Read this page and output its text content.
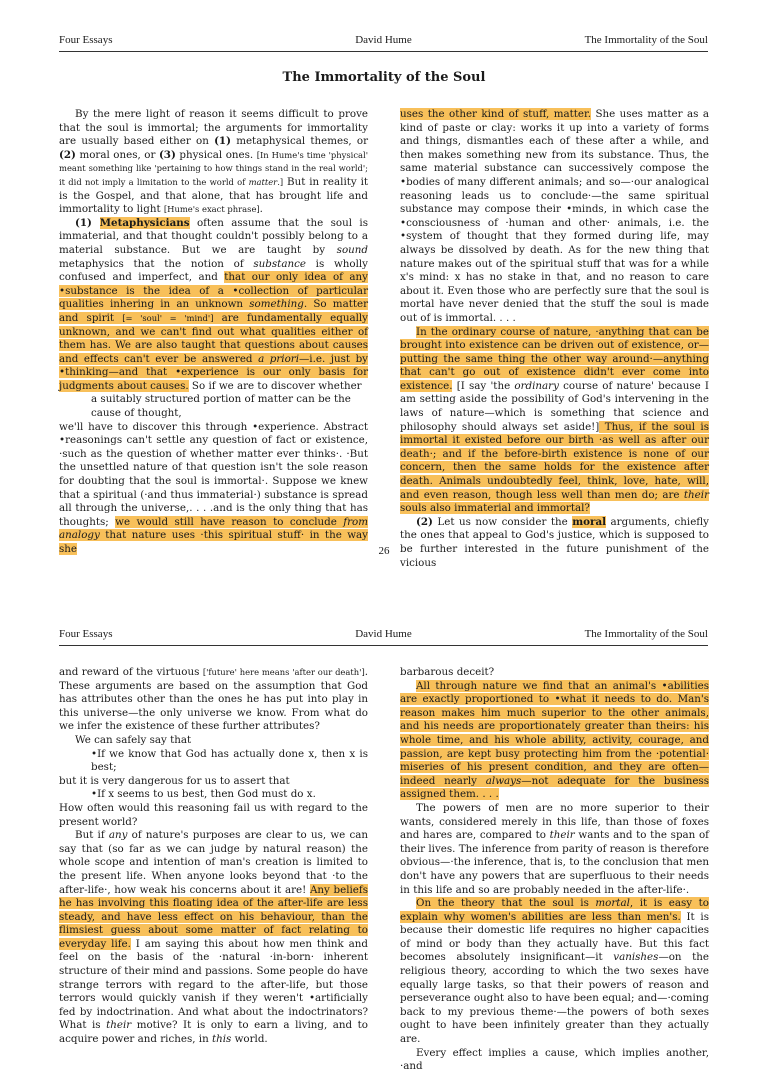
Four Essays	David Hume	The Immortality of the Soul
The Immortality of the Soul

By the mere light of reason it seems difficult to prove that the soul is immortal; the arguments for immortality are usually based either on (1) metaphysical themes, or (2) moral ones, or (3) physical ones. [In Hume's time 'physical' meant something like 'pertaining to how things stand in the real world'; it did not imply a limitation to the world of matter.] But in reality it is the Gospel, and that alone, that has brought life and immortality to light [Hume's exact phrase].

(1) Metaphysicians often assume that the soul is immaterial, and that thought couldn't possibly belong to a material substance. But we are taught by sound metaphysics that the notion of substance is wholly confused and imperfect, and that our only idea of any •substance is the idea of a •collection of particular qualities inhering in an unknown something. So matter and spirit [= 'soul' = 'mind'] are fundamentally equally unknown, and we can't find out what qualities either of them has. We are also taught that questions about causes and effects can't ever be answered a priori—i.e. just by •thinking—and that •experience is our only basis for judgments about causes. So if we are to discover whether

a suitably structured portion of matter can be the cause of thought,

we'll have to discover this through •experience. Abstract •reasonings can't settle any question of fact or existence, ·such as the question of whether matter ever thinks·. ·But the unsettled nature of that question isn't the sole reason for doubting that the soul is immortal·. Suppose we knew that a spiritual (·and thus immaterial·) substance is spread all through the universe,. . . .and is the only thing that has thoughts; we would still have reason to conclude from analogy that nature uses ·this spiritual stuff· in the way she

uses the other kind of stuff, matter. She uses matter as a kind of paste or clay: works it up into a variety of forms and things, dismantles each of these after a while, and then makes something new from its substance. Thus, the same material substance can successively compose the •bodies of many different animals; and so—·our analogical reasoning leads us to conclude·—the same spiritual substance may compose their •minds, in which case the •consciousness of ·human and other· animals, i.e. the •system of thought that they formed during life, may always be dissolved by death. As for the new thing that nature makes out of the spiritual stuff that was for a while x's mind: x has no stake in that, and no reason to care about it. Even those who are perfectly sure that the soul is mortal have never denied that the stuff the soul is made out of is immortal. . . .

In the ordinary course of nature, ·anything that can be brought into existence can be driven out of existence, or—putting the same thing the other way around·—anything that can't go out of existence didn't ever come into existence. [I say 'the ordinary course of nature' because I am setting aside the possibility of God's intervening in the laws of nature—which is something that science and philosophy should always set aside!] Thus, if the soul is immortal it existed before our birth ·as well as after our death·; and if the before-birth existence is none of our concern, then the same holds for the existence after death. Animals undoubtedly feel, think, love, hate, will, and even reason, though less well than men do; are their souls also immaterial and immortal?

(2) Let us now consider the moral arguments, chiefly the ones that appeal to God's justice, which is supposed to be further interested in the future punishment of the vicious

26
Four Essays	David Hume	The Immortality of the Soul

and reward of the virtuous ['future' here means 'after our death']. These arguments are based on the assumption that God has attributes other than the ones he has put into play in this universe—the only universe we know. From what do we infer the existence of these further attributes?

We can safely say that

•If we know that God has actually done x, then x is best;

but it is very dangerous for us to assert that

•If x seems to us best, then God must do x.

How often would this reasoning fail us with regard to the present world?

But if any of nature's purposes are clear to us, we can say that (so far as we can judge by natural reason) the whole scope and intention of man's creation is limited to the present life. When anyone looks beyond that ·to the after-life·, how weak his concerns about it are! Any beliefs he has involving this floating idea of the after-life are less steady, and have less effect on his behaviour, than the flimsiest guess about some matter of fact relating to everyday life. I am saying this about how men think and feel on the basis of the ·natural ·in-born· inherent structure of their mind and passions. Some people do have strange terrors with regard to the after-life, but those terrors would quickly vanish if they weren't •artificially fed by indoctrination. And what about the indoctrinators? What is their motive? It is only to earn a living, and to acquire power and riches, in this world.

barbarous deceit?

All through nature we find that an animal's •abilities are exactly proportioned to •what it needs to do. Man's reason makes him much superior to the other animals, and his needs are proportionately greater than theirs: his whole time, and his whole ability, activity, courage, and passion, are kept busy protecting him from the ·potential· miseries of his present condition, and they are often—indeed nearly always—not adequate for the business assigned them. . . .

The powers of men are no more superior to their wants, considered merely in this life, than those of foxes and hares are, compared to their wants and to the span of their lives. The inference from parity of reason is therefore obvious—·the inference, that is, to the conclusion that men don't have any powers that are superfluous to their needs in this life and so are probably needed in the after-life·.

On the theory that the soul is mortal, it is easy to explain why women's abilities are less than men's. It is because their domestic life requires no higher capacities of mind or body than they actually have. But this fact becomes absolutely insignificant—it vanishes—on the religious theory, according to which the two sexes have equally large tasks, so that their powers of reason and perseverance ought also to have been equal; and—·coming back to my previous theme·—the powers of both sexes ought to have been infinitely greater than they actually are.

Every effect implies a cause, which implies another, ·and
